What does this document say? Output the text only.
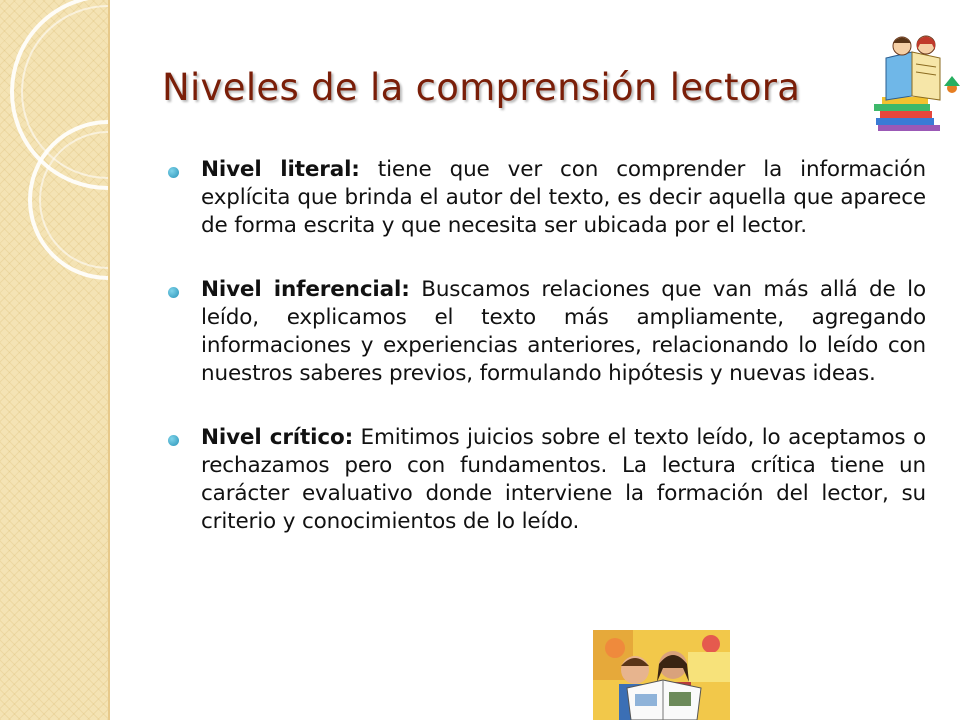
Niveles de la comprensión lectora

Nivel literal: tiene que ver con comprender la información explícita que brinda el autor del texto, es decir aquella que aparece de forma escrita y que necesita ser ubicada por el lector.

Nivel inferencial: Buscamos relaciones que van más allá de lo leído, explicamos el texto más ampliamente, agregando informaciones y experiencias anteriores, relacionando lo leído con nuestros saberes previos, formulando hipótesis y nuevas ideas.

Nivel crítico: Emitimos juicios sobre el texto leído, lo aceptamos o rechazamos pero con fundamentos. La lectura crítica tiene un carácter evaluativo donde interviene la formación del lector, su criterio y conocimientos de lo leído.
